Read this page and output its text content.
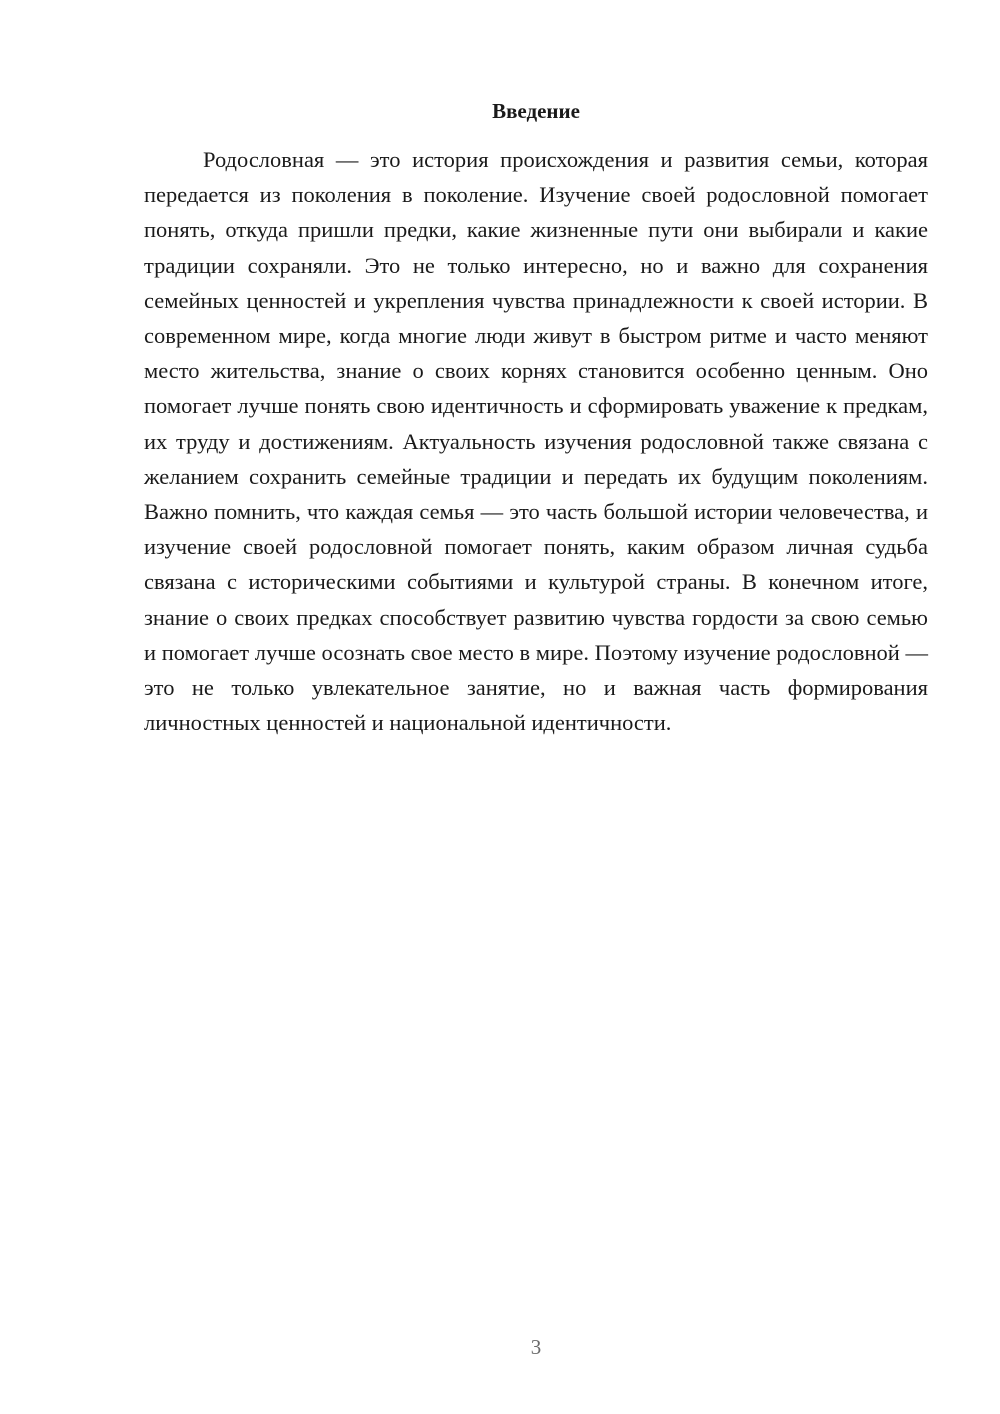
Введение

Родословная — это история происхождения и развития семьи, которая передается из поколения в поколение. Изучение своей родословной помогает понять, откуда пришли предки, какие жизненные пути они выбирали и какие традиции сохраняли. Это не только интересно, но и важно для сохранения семейных ценностей и укрепления чувства принадлежности к своей истории. В современном мире, когда многие люди живут в быстром ритме и часто меняют место жительства, знание о своих корнях становится особенно ценным. Оно помогает лучше понять свою идентичность и сформировать уважение к предкам, их труду и достижениям. Актуальность изучения родословной также связана с желанием сохранить семейные традиции и передать их будущим поколениям. Важно помнить, что каждая семья — это часть большой истории человечества, и изучение своей родословной помогает понять, каким образом личная судьба связана с историческими событиями и культурой страны. В конечном итоге, знание о своих предках способствует развитию чувства гордости за свою семью и помогает лучше осознать свое место в мире. Поэтому изучение родословной — это не только увлекательное занятие, но и важная часть формирования личностных ценностей и национальной идентичности.

3
